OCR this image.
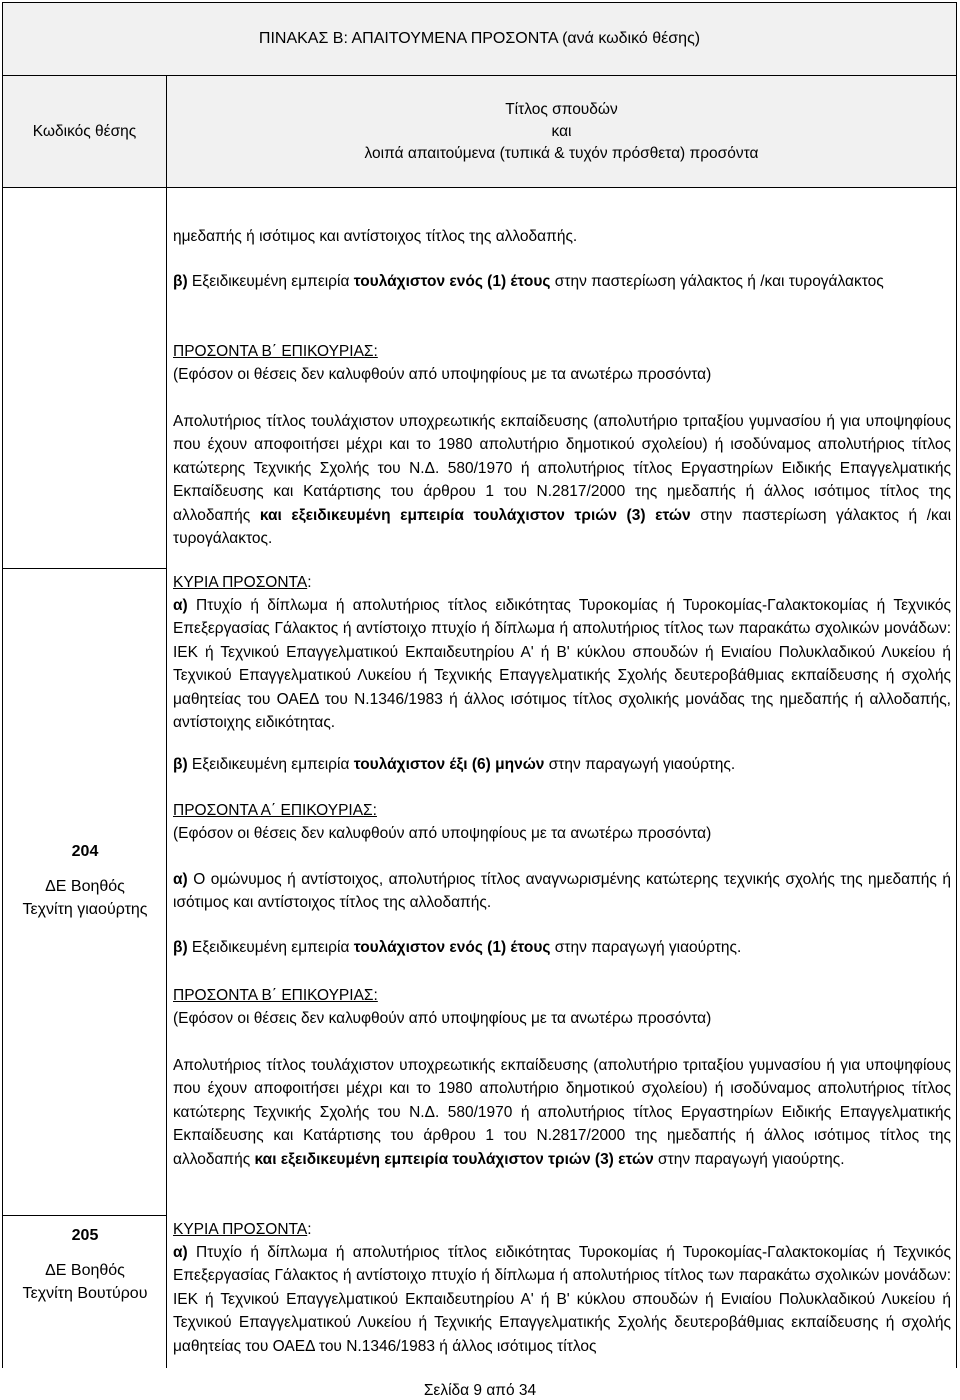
ΠΙΝΑΚΑΣ Β: ΑΠΑΙΤΟΥΜΕΝΑ ΠΡΟΣΟΝΤΑ (ανά κωδικό θέσης)
Κωδικός θέσης
Τίτλος σπουδών
και
λοιπά απαιτούμενα (τυπικά & τυχόν πρόσθετα) προσόντα
204
ΔΕ Βοηθός
Τεχνίτη γιαούρτης
205
ΔΕ Βοηθός
Τεχνίτη Βουτύρου
ημεδαπής ή ισότιμος και αντίστοιχος τίτλος της αλλοδαπής.
β) Εξειδικευμένη εμπειρία τουλάχιστον ενός (1) έτους στην παστερίωση γάλακτος ή /και τυρογάλακτος
ΠΡΟΣΟΝΤΑ Β΄ ΕΠΙΚΟΥΡΙΑΣ:
(Εφόσον οι θέσεις δεν καλυφθούν από υποψηφίους με τα ανωτέρω προσόντα)
Απολυτήριος τίτλος τουλάχιστον υποχρεωτικής εκπαίδευσης (απολυτήριο τριταξίου γυμνασίου ή για υποψηφίους που έχουν αποφοιτήσει μέχρι και το 1980 απολυτήριο δημοτικού σχολείου) ή ισοδύναμος απολυτήριος τίτλος κατώτερης Τεχνικής Σχολής του Ν.Δ. 580/1970 ή απολυτήριος τίτλος Εργαστηρίων Ειδικής Επαγγελματικής Εκπαίδευσης και Κατάρτισης του άρθρου 1 του Ν.2817/2000 της ημεδαπής ή άλλος ισότιμος τίτλος της αλλοδαπής και εξειδικευμένη εμπειρία τουλάχιστον τριών (3) ετών στην παστερίωση γάλακτος ή /και τυρογάλακτος.
ΚΥΡΙΑ ΠΡΟΣΟΝΤΑ:
α) Πτυχίο ή δίπλωμα ή απολυτήριος τίτλος ειδικότητας Τυροκομίας ή Τυροκομίας-Γαλακτοκομίας ή Τεχνικός Επεξεργασίας Γάλακτος ή αντίστοιχο πτυχίο ή δίπλωμα ή απολυτήριος τίτλος των παρακάτω σχολικών μονάδων: ΙΕΚ ή Τεχνικού Επαγγελματικού Εκπαιδευτηρίου Α' ή Β' κύκλου σπουδών ή Ενιαίου Πολυκλαδικού Λυκείου ή Τεχνικού Επαγγελματικού Λυκείου ή Τεχνικής Επαγγελματικής Σχολής δευτεροβάθμιας εκπαίδευσης ή σχολής μαθητείας του ΟΑΕΔ του Ν.1346/1983 ή άλλος ισότιμος τίτλος σχολικής μονάδας της ημεδαπής ή αλλοδαπής, αντίστοιχης ειδικότητας.
β) Εξειδικευμένη εμπειρία τουλάχιστον έξι (6) μηνών στην παραγωγή γιαούρτης.
ΠΡΟΣΟΝΤΑ Α΄ ΕΠΙΚΟΥΡΙΑΣ:
(Εφόσον οι θέσεις δεν καλυφθούν από υποψηφίους με τα ανωτέρω προσόντα)
α) Ο ομώνυμος ή αντίστοιχος, απολυτήριος τίτλος αναγνωρισμένης κατώτερης τεχνικής σχολής της ημεδαπής ή ισότιμος και αντίστοιχος τίτλος της αλλοδαπής.
β) Εξειδικευμένη εμπειρία τουλάχιστον ενός (1) έτους στην παραγωγή γιαούρτης.
ΠΡΟΣΟΝΤΑ Β΄ ΕΠΙΚΟΥΡΙΑΣ:
(Εφόσον οι θέσεις δεν καλυφθούν από υποψηφίους με τα ανωτέρω προσόντα)
Απολυτήριος τίτλος τουλάχιστον υποχρεωτικής εκπαίδευσης (απολυτήριο τριταξίου γυμνασίου ή για υποψηφίους που έχουν αποφοιτήσει μέχρι και το 1980 απολυτήριο δημοτικού σχολείου) ή ισοδύναμος απολυτήριος τίτλος κατώτερης Τεχνικής Σχολής του Ν.Δ. 580/1970 ή απολυτήριος τίτλος Εργαστηρίων Ειδικής Επαγγελματικής Εκπαίδευσης και Κατάρτισης του άρθρου 1 του Ν.2817/2000 της ημεδαπής ή άλλος ισότιμος τίτλος της αλλοδαπής και εξειδικευμένη εμπειρία τουλάχιστον τριών (3) ετών στην παραγωγή γιαούρτης.
ΚΥΡΙΑ ΠΡΟΣΟΝΤΑ:
α) Πτυχίο ή δίπλωμα ή απολυτήριος τίτλος ειδικότητας Τυροκομίας ή Τυροκομίας-Γαλακτοκομίας ή Τεχνικός Επεξεργασίας Γάλακτος ή αντίστοιχο πτυχίο ή δίπλωμα ή απολυτήριος τίτλος των παρακάτω σχολικών μονάδων: ΙΕΚ ή Τεχνικού Επαγγελματικού Εκπαιδευτηρίου Α' ή Β' κύκλου σπουδών ή Ενιαίου Πολυκλαδικού Λυκείου ή Τεχνικού Επαγγελματικού Λυκείου ή Τεχνικής Επαγγελματικής Σχολής δευτεροβάθμιας εκπαίδευσης ή σχολής μαθητείας του ΟΑΕΔ του Ν.1346/1983 ή άλλος ισότιμος τίτλος
Σελίδα 9 από 34
